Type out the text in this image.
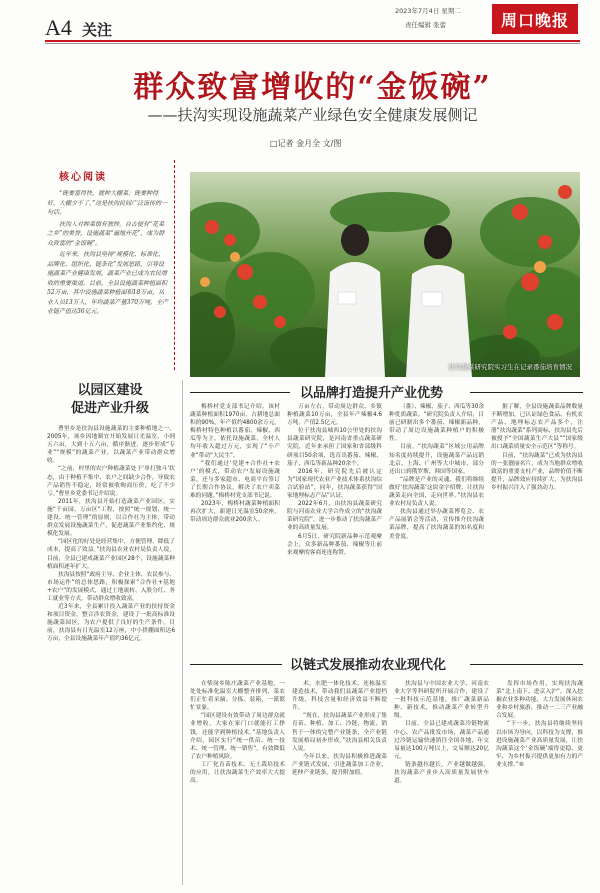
A4 关注
2023年7月4日 星期二
责任编辑 张蕾	周口晚报
群众致富增收的“金饭碗”
——扶沟实现设施蔬菜产业绿色安全健康发展侧记
□记者 金月全 文/图
核心阅读

“既要富得快，就种大棚菜；既要种得好，大棚少不了。”这是扶沟民间广泛流传的一句话。

扶沟人对种菜情有独钟，自古便有“花菜之乡”的美誉，设施蔬菜“遍地开花”，成为群众致富的“金饭碗”。

近年来，扶沟县坚持“规模化、标准化、品牌化、组织化、链条化”发展思路，引导设施蔬菜产业健康发展，蔬菜产业已成为农民增收的重要渠道。目前，全县设施蔬菜种植面积52万亩，其中设施蔬菜种植面积18万亩，从业人员13万人，年均蔬菜产量370万吨，全产业链产值达36亿元。

扶沟蔬菜研究院实习生在记录番茄培育情况
以园区建设
促进产业升级
以品牌打造提升产业优势
以链式发展推动农业现代化

曹里乡是扶沟县设施蔬菜的主要种植地之一。2005年，该乡因地制宜开始发展日光温室，小到五六亩，大到十五六亩，循序渐进，逐步形成“专业”“规模”的蔬菜产业，以蔬菜产业带动群众增收。

“之前，村里的农户种植蔬菜处于‘单打独斗’状态，由于种植不集中、农户之间缺少合作，导致农产品销售不稳定，经常被收购商压价，吃了不少亏。”曹里乡党委书记介绍说。

2011年，扶沟县开始打造蔬菜产业园区，实施“千亩园、万亩区”工程，按照“统一规划、统一建设、统一管理”的原则，以合作社为主体，带动群众发展设施蔬菜生产，促进蔬菜产业集约化、规模化发展。

“园区化的好处是经营集中、方便管理，降低了成本，提高了效益。”扶沟县农业农村局负责人说，目前，全县已建成蔬菜产业园区28个，设施蔬菜种植面积逐年扩大。

扶沟县按照“政府主导、企业主体、农民参与、市场运作”的总体思路，积极探索“合作社+基地+农户”的发展模式，通过土地流转、入股分红、务工就业等方式，带动群众增收致富。

近3年来，全县累计投入蔬菜产业的扶持资金和项目资金，整合涉农资金，建设了一批高标准设施蔬菜园区，为农户提供了良好的生产条件。目前，扶沟县有日光温室12万座，中小拱棚面积达6万亩，全县设施蔬菜年产值约36亿元。

梅桥村党支部书记介绍，该村蔬菜种植面积1970亩，占耕地总面积的90%，年产值约4800余万元。梅桥村特色种植以番茄、辣椒、西瓜等为主，依托设施蔬菜，全村人均年收入超过万元，实现了“小产业”带动“大民生”。

“我们通过‘党建+合作社+农户’的模式，带动农户发展设施蔬菜，还与多家超市、电商平台签订了长期合作协议，解决了农户卖菜难的问题。”梅桥村党支部书记说。

2023年，梅桥村蔬菜种植面积再次扩大，新建日光温室50余座，带动周边群众就业200余人。

万亩左右，带动周边群众、乡镇种植蔬菜10万亩，全县年产辣椒4.6万吨，产值2.5亿元。

位于扶沟县城西10公里处的扶沟县蔬菜研究院，是河南省重点蔬菜研究院，近年来承担了国家和省部级科研项目50余项，选育出番茄、辣椒、茄子、西瓜等新品种20余个。

2016年，研究院先后被认定为“国家现代农业产业技术体系扶沟综合试验站”，同年，扶沟蔬菜获得“国家地理标志产品”认证。

2022年6月，由扶沟县蔬菜研究院与河南农业大学合作成立的“扶沟蔬菜研究院”，进一步推动了扶沟蔬菜产业的高质量发展。

6月5日，研究院新品种示范观摩会上，众多新品种番茄、辣椒等让前来观摩的客商连连称赞。

（番）、辣椒、茄子、西瓜等30余种优质蔬菜。“研究院负责人介绍，目前已研制出多个番茄、辣椒新品种，带动了周边设施蔬菜种植户的积极性。

目前，“扶沟蔬菜”区域公用品牌知名度持续提升，设施蔬菜产品远销北京、上海、广州等大中城市，部分还出口到俄罗斯、韩国等国家。

“品牌是产业的灵魂，我们将继续做好‘扶沟蔬菜’这块金字招牌，让扶沟蔬菜走向全国，走向世界。”扶沟县农业农村局负责人说。

扶沟县通过举办蔬菜博览会、农产品展销会等活动，宣传推介扶沟蔬菜品牌，提高了扶沟蔬菜的知名度和美誉度。

据了解，全县设施蔬菜品牌数量不断增加，已认证绿色食品、有机农产品、地理标志农产品多个，注册“扶沟蔬菜”系列商标，扶沟县先后被授予“全国蔬菜生产大县”“国家级出口蔬菜质量安全示范区”等称号。

目前，“扶沟蔬菜”已成为扶沟县的一张靓丽名片，成为当地群众增收致富的重要支柱产业，品牌价值不断提升，品牌效应持续扩大，为扶沟县乡村振兴注入了强劲动力。

在柴岗乡陈庄蔬菜产业基地，一处处标准化温室大棚整齐排列，菜农们正忙着采摘、分拣、装箱，一派繁忙景象。

“园区建设有效带动了周边群众就业增收，大家在家门口就能打工挣钱，还能学到种植技术。”基地负责人介绍，园区实行“统一供苗、统一技术、统一管理、统一销售”，有效降低了农户种植风险。

工厂化育苗技术、无土栽培技术的应用，让扶沟蔬菜生产效率大大提高。

术、水肥一体化技术、连栋温室建造技术，带动我们县蔬菜产业提档升级，科技含量和经济效益不断提升。

“现在，扶沟县蔬菜产业形成了集育苗、种植、加工、冷链、物流、销售于一体的完整产业链条，全产业链发展格局初步形成。”扶沟县相关负责人说。

今年以来，扶沟县积极推进蔬菜产业链式发展，引进蔬菜加工企业，延伸产业链条，提升附加值。

扶沟县与中国农业大学、河南农业大学等科研院所开展合作，建设了一批科技示范基地，推广蔬菜新品种、新技术，推动蔬菜产业转型升级。

目前，全县已建成蔬菜冷链物流中心、农产品批发市场，蔬菜产品通过冷链运输快速销往全国各地，年交易量达100万吨以上，交易额达20亿元。

链条越拉越长，产业越做越强，扶沟蔬菜产业步入高质量发展快车道。

发挥市场作用，实现扶沟蔬菜“北上南下、进京入沪”，深入挖掘农业多种功能，大力发展休闲农业和乡村旅游，推动一二三产业融合发展。

“下一步，扶沟县将继续坚持以市场为导向，以科技为支撑，推进设施蔬菜产业高质量发展，让扶沟蔬菜这个‘金饭碗’端得更稳、更牢，为乡村振兴提供更加有力的产业支撑。”⑥
